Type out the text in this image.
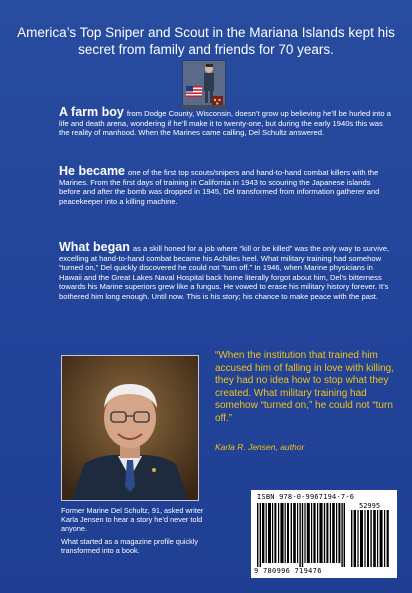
America’s Top Sniper and Scout in the Mariana Islands kept his secret from family and friends for 70 years.
A farm boy from Dodge County, Wisconsin, doesn’t grow up believing he’ll be hurled into a life and death arena, wondering if he’ll make it to twenty-one, but during the early 1940s this was the reality of manhood. When the Marines came calling, Del Schultz answered.
He became one of the first top scouts/snipers and hand-to-hand combat killers with the Marines. From the first days of training in California in 1943 to scouring the Japanese islands before and after the bomb was dropped in 1945, Del transformed from information gatherer and peacekeeper into a killing machine.
What began as a skill honed for a job where “kill or be killed” was the only way to survive, excelling at hand-to-hand combat became his Achilles heel. What military training had somehow “turned on,” Del quickly discovered he could not “turn off.” In 1946, when Marine physicians in Hawaii and the Great Lakes Naval Hospital back home literally forgot about him, Del’s bitterness towards his Marine superiors grew like a fungus. He vowed to erase his military history forever. It’s bothered him long enough. Until now. This is his story; his chance to make peace with the past.
“When the institution that trained him accused him of falling in love with killing, they had no idea how to stop what they created. What military training had somehow “turned on,” he could not “turn off.”
Karla R. Jensen, author
Former Marine Del Schultz, 91, asked writer Karla Jensen to hear a story he’d never told anyone.
What started as a magazine profile quickly transformed into a book.
ISBN 978-0-9967194-7-6
52995
9 780996 719476
